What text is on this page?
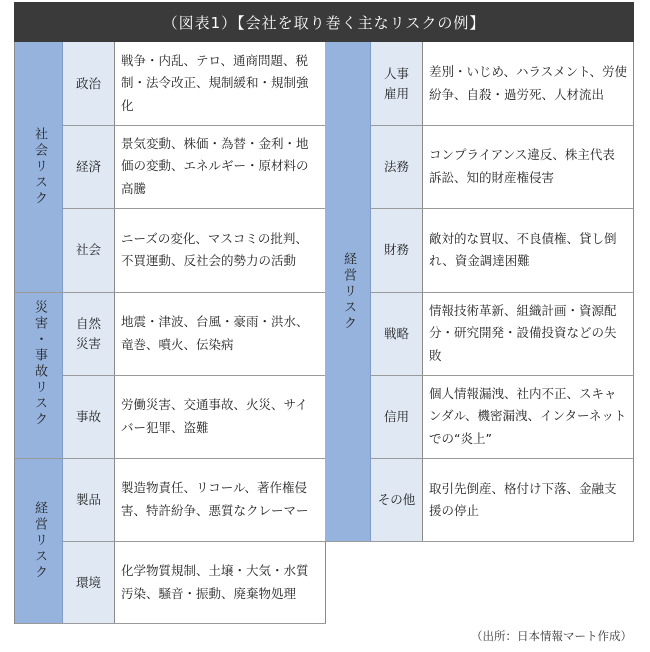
（図表1）【会社を取り巻く主なリスクの例】
社会リスク
災害・事故リスク
経営リスク
政治
戦争・内乱、テロ、通商問題、税制・法令改正、規制緩和・規制強化
経済
景気変動、株価・為替・金利・地価の変動、エネルギー・原材料の高騰
社会
ニーズの変化、マスコミの批判、不買運動、反社会的勢力の活動
自然災害
地震・津波、台風・豪雨・洪水、竜巻、噴火、伝染病
事故
労働災害、交通事故、火災、サイバー犯罪、盗難
製品
製造物責任、リコール、著作権侵害、特許紛争、悪質なクレーマー
環境
化学物質規制、土壌・大気・水質汚染、騒音・振動、廃棄物処理
経営リスク
人事雇用
差別・いじめ、ハラスメント、労使紛争、自殺・過労死、人材流出
法務
コンプライアンス違反、株主代表訴訟、知的財産権侵害
財務
敵対的な買収、不良債権、貸し倒れ、資金調達困難
戦略
情報技術革新、組織計画・資源配分・研究開発・設備投資などの失敗
信用
個人情報漏洩、社内不正、スキャンダル、機密漏洩、インターネットでの“炎上”
その他
取引先倒産、格付け下落、金融支援の停止
（出所：日本情報マート作成）
